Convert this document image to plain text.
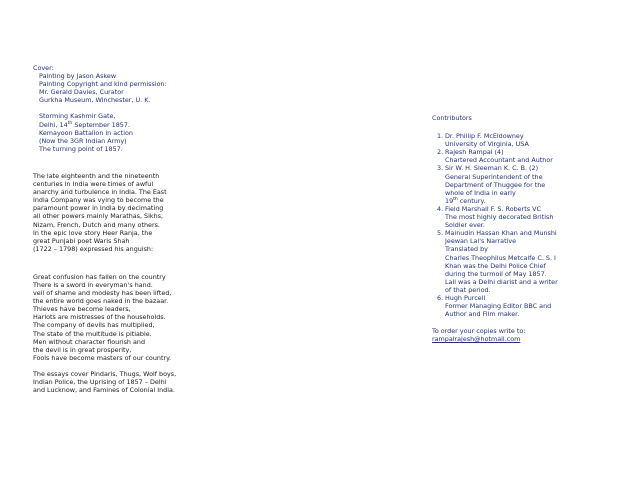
Cover:
Painting by Jason Askew
Painting Copyright and kind permission:
Mr. Gerald Davies, Curator
Gurkha Museum, Winchester, U. K.
Storming Kashmir Gate,
Delhi, 14th September 1857.
Kemayoon Battalion in action
(Now the 3GR Indian Army)
The turning point of 1857.
The late eighteenth and the nineteenth
centuries in India were times of awful
anarchy and turbulence in India. The East
India Company was vying to become the
paramount power in India by decimating
all other powers mainly Marathas, Sikhs,
Nizam, French, Dutch and many others.
In the epic love story Heer Ranja, the
great Punjabi poet Waris Shah
(1722 – 1798) expressed his anguish:
Great confusion has fallen on the country
There is a sword in everyman's hand.
veil of shame and modesty has been lifted,
the entire world goes naked in the bazaar.
Thieves have become leaders,
Harlots are mistresses of the households.
The company of devils has multiplied,
The state of the multitude is pitiable.
Men without character flourish and
the devil is in great prosperity,
Fools have become masters of our country.
The essays cover Pindaris, Thugs, Wolf boys,
Indian Police, the Uprising of 1857 – Delhi
and Lucknow, and Famines of Colonial India.
Contributors
1. Dr. Phillip F. McEldowney
University of Virginia, USA
2. Rajesh Rampal (4)
Chartered Accountant and Author
3. Sir W. H. Sleeman K. C. B. (2)
General Superintendent of the
Department of Thuggee for the
whole of India in early
19th century.
4. Field Marshall F. S. Roberts VC
The most highly decorated British
Soldier ever.
5. Mainudin Hassan Khan and Munshi
Jeewan Lal's Narrative
Translated by
Charles Theophilus Metcalfe C. S. I
Khan was the Delhi Police Chief
during the turmoil of May 1857.
Lall was a Delhi diarist and a writer
of that period.
6. Hugh Purcell
Former Managing Editor BBC and
Author and Film maker.
To order your copies write to:
rampalrajesh@hotmail.com
